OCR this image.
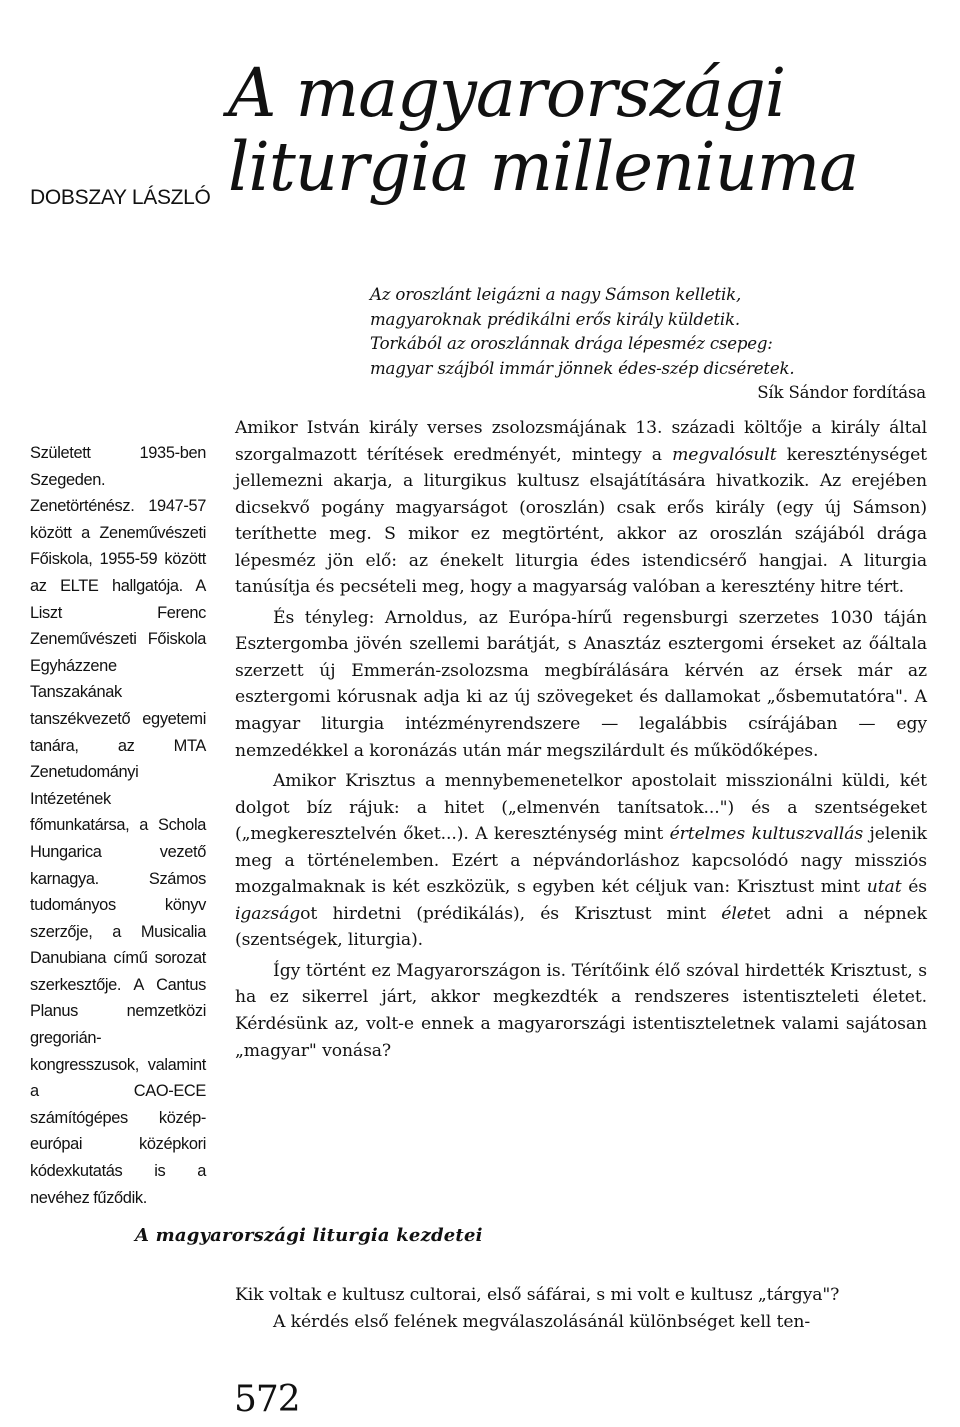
DOBSZAY LÁSZLÓ
A magyarországi
liturgia milleniuma
Született 1935-ben Szegeden. Zenetörténész. 1947-57 között a Zeneművészeti Főiskola, 1955-59 között az ELTE hallgatója. A Liszt Ferenc Zeneművészeti Főiskola Egyházzene Tanszakának tanszékvezető egyetemi tanára, az MTA Zenetudományi Intézetének főmunkatársa, a Schola Hungarica vezető karnagya. Számos tudományos könyv szerzője, a Musicalia Danubiana című sorozat szerkesztője. A Cantus Planus nemzetközi gregorián-kongresszusok, valamint a CAO-ECE számítógépes közép-európai középkori kódexkutatás is a nevéhez fűződik.
Az oroszlánt leigázni a nagy Sámson kelletik,
magyaroknak prédikálni erős király küldetik.
Torkából az oroszlánnak drága lépesméz csepeg:
magyar szájból immár jönnek édes-szép dicséretek.
Sík Sándor fordítása

Amikor István király verses zsolozsmájának 13. századi költője a király által szorgalmazott térítések eredményét, mintegy a megvalósult kereszténységet jellemezni akarja, a liturgikus kultusz elsajátítására hivatkozik. Az erejében dicsekvő pogány magyarságot (oroszlán) csak erős király (egy új Sámson) teríthette meg. S mikor ez megtörtént, akkor az oroszlán szájából drága lépesméz jön elő: az énekelt liturgia édes istendicsérő hangjai. A liturgia tanúsítja és pecsételi meg, hogy a magyarság valóban a keresztény hitre tért.

És tényleg: Arnoldus, az Európa-hírű regensburgi szerzetes 1030 táján Esztergomba jövén szellemi barátját, s Anasztáz esztergomi érseket az őáltala szerzett új Emmerán-zsolozsma megbírálására kérvén az érsek már az esztergomi kórusnak adja ki az új szövegeket és dallamokat „ősbemutatóra". A magyar liturgia intézményrendszere — legalábbis csírájában — egy nemzedékkel a koronázás után már megszilárdult és működőképes.

Amikor Krisztus a mennybemenetelkor apostolait misszionálni küldi, két dolgot bíz rájuk: a hitet („elmenvén tanítsatok...") és a szentségeket („megkeresztelvén őket...). A kereszténység mint értelmes kultuszvallás jelenik meg a történelemben. Ezért a népvándorláshoz kapcsolódó nagy missziós mozgalmaknak is két eszközük, s egyben két céljuk van: Krisztust mint utat és igazságot hirdetni (prédikálás), és Krisztust mint életet adni a népnek (szentségek, liturgia).

Így történt ez Magyarországon is. Térítőink élő szóval hirdették Krisztust, s ha ez sikerrel járt, akkor megkezdték a rendszeres istentiszteleti életet. Kérdésünk az, volt-e ennek a magyarországi istentiszteletnek valami sajátosan „magyar" vonása?

A magyarországi liturgia kezdetei

Kik voltak e kultusz cultorai, első sáfárai, s mi volt e kultusz „tárgya"?

A kérdés első felének megválaszolásánál különbséget kell ten-

572
